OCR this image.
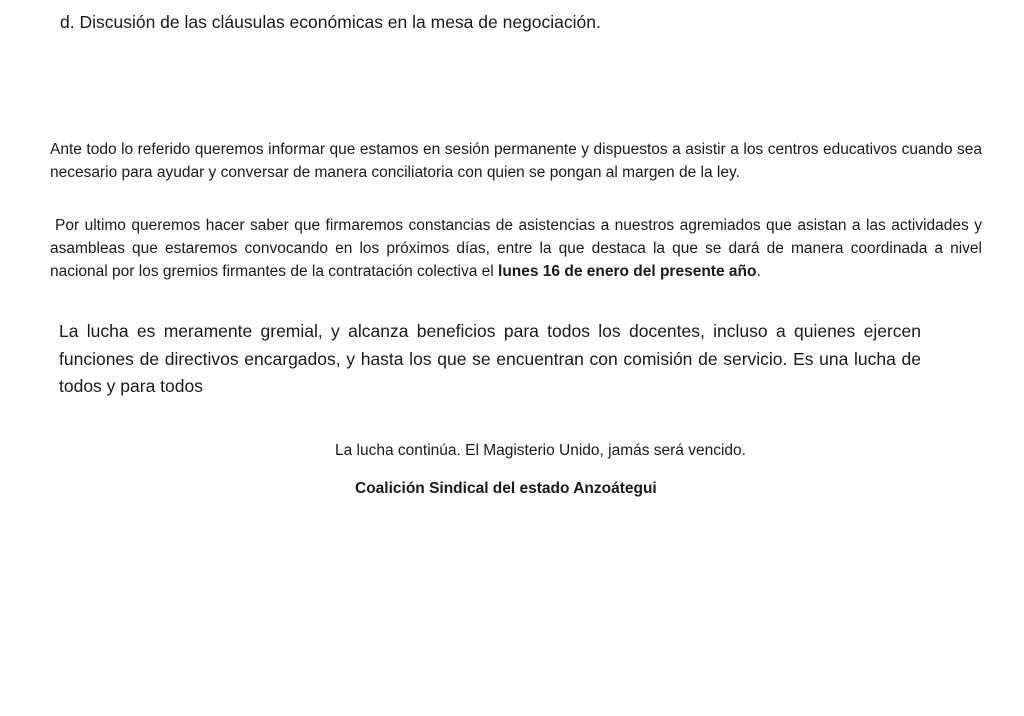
d. Discusión de las cláusulas económicas en la mesa de negociación.

Ante todo lo referido queremos informar que estamos en sesión permanente y dispuestos a asistir a los centros educativos cuando sea necesario para ayudar y conversar de manera conciliatoria con quien se pongan al margen de la ley.

Por ultimo queremos hacer saber que firmaremos constancias de asistencias a nuestros agremiados que asistan a las actividades y asambleas que estaremos convocando en los próximos días, entre la que destaca la que se dará de manera coordinada a nivel nacional por los gremios firmantes de la contratación colectiva el lunes 16 de enero del presente año.

La lucha es meramente gremial, y alcanza beneficios para todos los docentes, incluso a quienes ejercen funciones de directivos encargados, y hasta los que se encuentran con comisión de servicio. Es una lucha de todos y para todos

La lucha continúa. El Magisterio Unido, jamás será vencido.

Coalición Sindical del estado Anzoátegui
